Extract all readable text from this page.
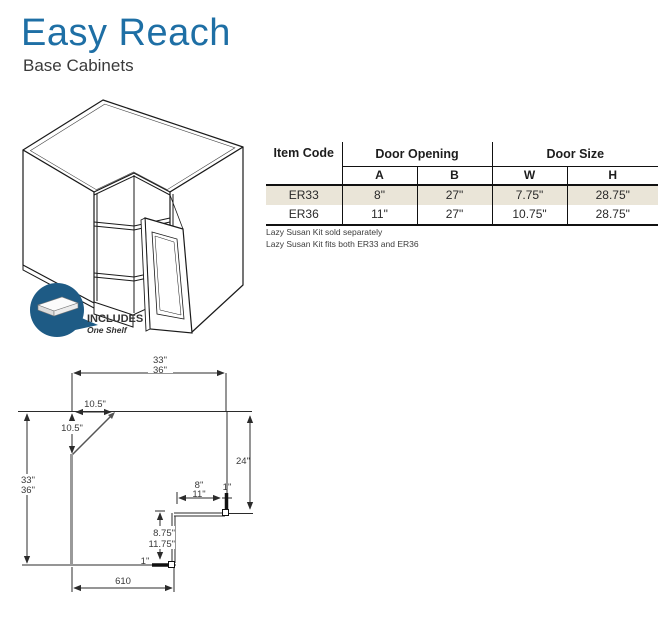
Easy Reach
Base Cabinets
INCLUDES
One Shelf
Item Code	Door Opening		Door Size	
	A	B	W	H
ER33	8"	27"	7.75"	28.75"
ER36	11"	27"	10.75"	28.75"
Lazy Susan Kit sold separately
Lazy Susan Kit fits both ER33 and ER36
33"
36"
33"
36"
10.5"
10.5"
24"
8"
11"
1"
1"
610
8.75"
11.75"
